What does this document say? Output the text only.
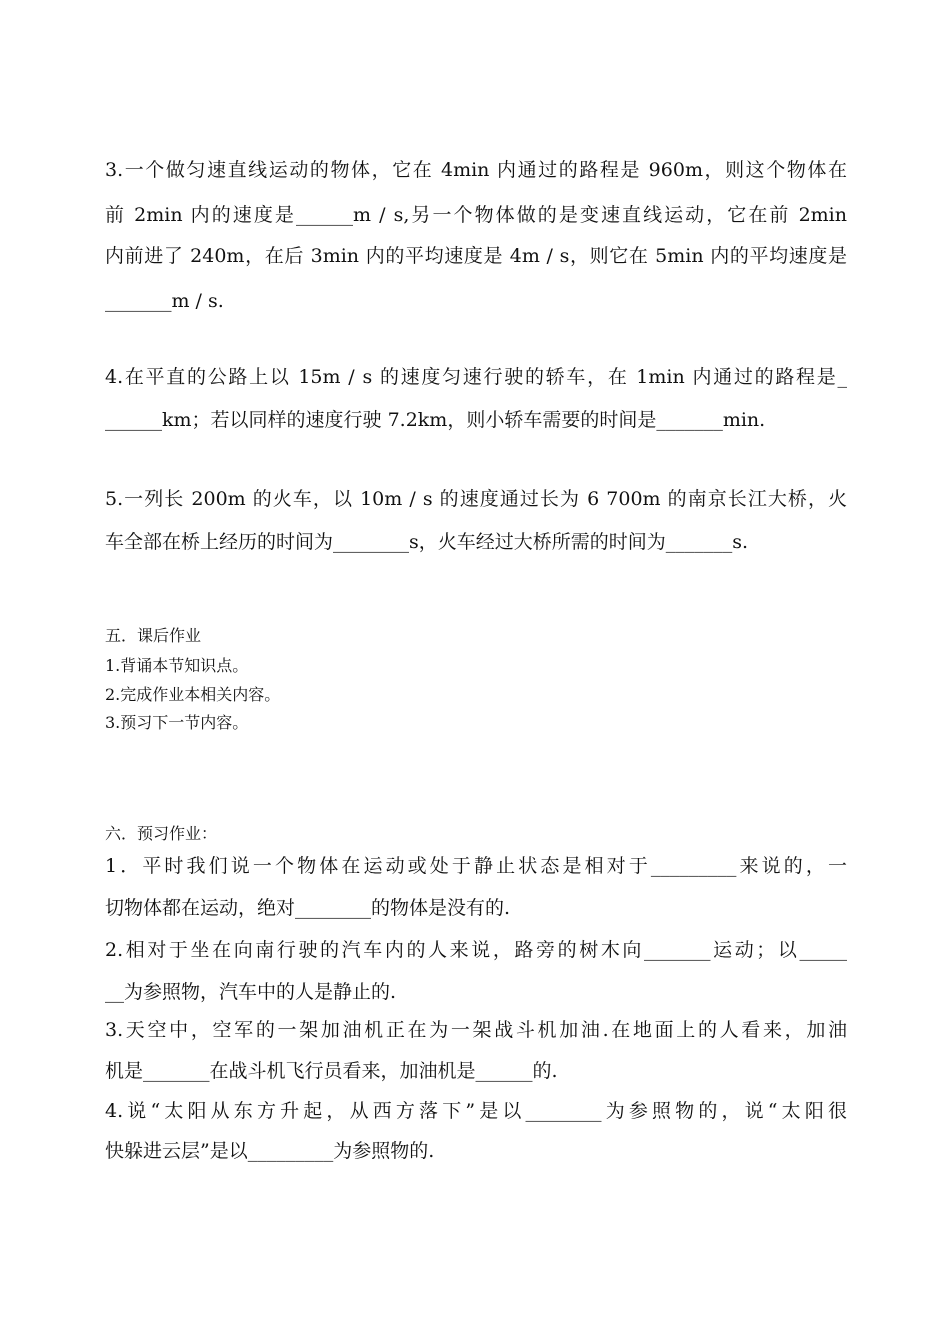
3.一个做匀速直线运动的物体，它在 4min 内通过的路程是 960m，则这个物体在
前 2min 内的速度是______m / s,另一个物体做的是变速直线运动，它在前 2min
内前进了 240m，在后 3min 内的平均速度是 4m / s，则它在 5min 内的平均速度是
_______m / s.
4.在平直的公路上以 15m / s 的速度匀速行驶的轿车，在 1min 内通过的路程是_
______km；若以同样的速度行驶 7.2km，则小轿车需要的时间是_______min.
5.一列长 200m 的火车，以 10m / s 的速度通过长为 6 700m 的南京长江大桥，火
车全部在桥上经历的时间为________s，火车经过大桥所需的时间为_______s.
五．课后作业
1.背诵本节知识点。
2.完成作业本相关内容。
3.预习下一节内容。
六．预习作业：
1．平时我们说一个物体在运动或处于静止状态是相对于_________来说的，一
切物体都在运动，绝对________的物体是没有的.
2.相对于坐在向南行驶的汽车内的人来说，路旁的树木向_______运动；以_____
__为参照物，汽车中的人是静止的.
3.天空中，空军的一架加油机正在为一架战斗机加油.在地面上的人看来，加油
机是_______在战斗机飞行员看来，加油机是______的.
4.说“太阳从东方升起，从西方落下”是以________为参照物的，说“太阳很
快躲进云层”是以_________为参照物的.
